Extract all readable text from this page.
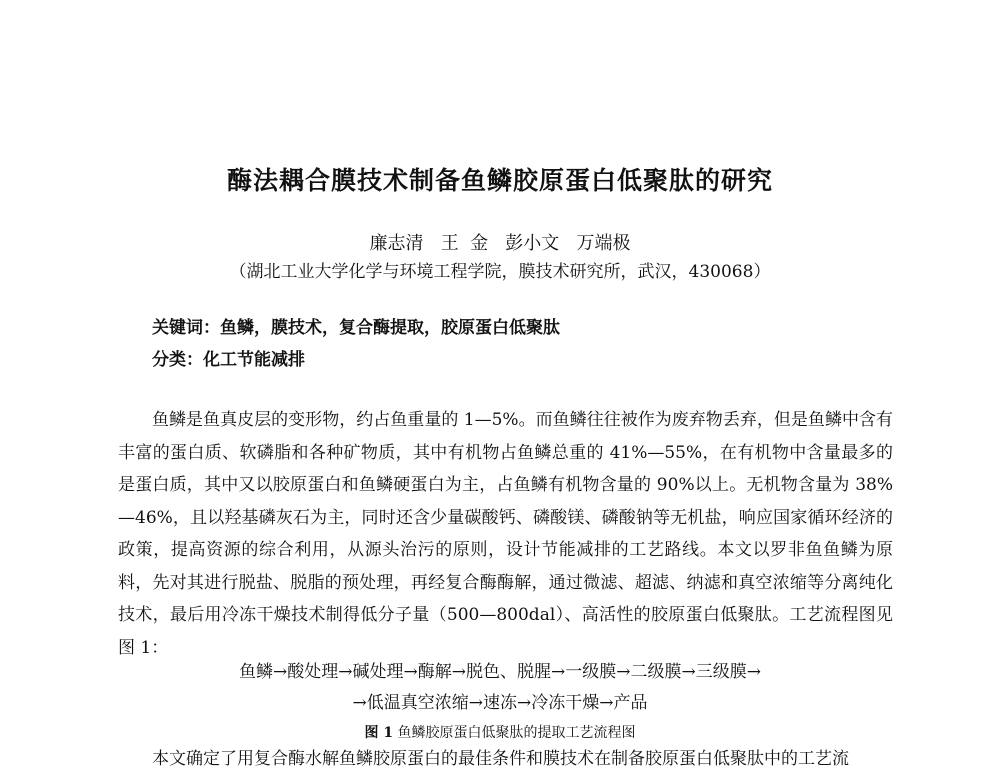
酶法耦合膜技术制备鱼鳞胶原蛋白低聚肽的研究
廉志清   王  金   彭小文   万端极
（湖北工业大学化学与环境工程学院，膜技术研究所，武汉，430068）
关键词：鱼鳞，膜技术，复合酶提取，胶原蛋白低聚肽
分类：化工节能减排

鱼鳞是鱼真皮层的变形物，约占鱼重量的 1—5%。而鱼鳞往往被作为废弃物丢弃，但是鱼鳞中含有丰富的蛋白质、软磷脂和各种矿物质，其中有机物占鱼鳞总重的 41%—55%，在有机物中含量最多的是蛋白质，其中又以胶原蛋白和鱼鳞硬蛋白为主，占鱼鳞有机物含量的 90%以上。无机物含量为 38%—46%，且以羟基磷灰石为主，同时还含少量碳酸钙、磷酸镁、磷酸钠等无机盐，响应国家循环经济的政策，提高资源的综合利用，从源头治污的原则，设计节能减排的工艺路线。本文以罗非鱼鱼鳞为原料，先对其进行脱盐、脱脂的预处理，再经复合酶酶解，通过微滤、超滤、纳滤和真空浓缩等分离纯化技术，最后用冷冻干燥技术制得低分子量（500—800dal）、高活性的胶原蛋白低聚肽。工艺流程图见图 1：

鱼鳞→酸处理→碱处理→酶解→脱色、脱腥→一级膜→二级膜→三级膜→
→低温真空浓缩→速冻→冷冻干燥→产品
图 1 鱼鳞胶原蛋白低聚肽的提取工艺流程图
本文确定了用复合酶水解鱼鳞胶原蛋白的最佳条件和膜技术在制备胶原蛋白低聚肽中的工艺流
